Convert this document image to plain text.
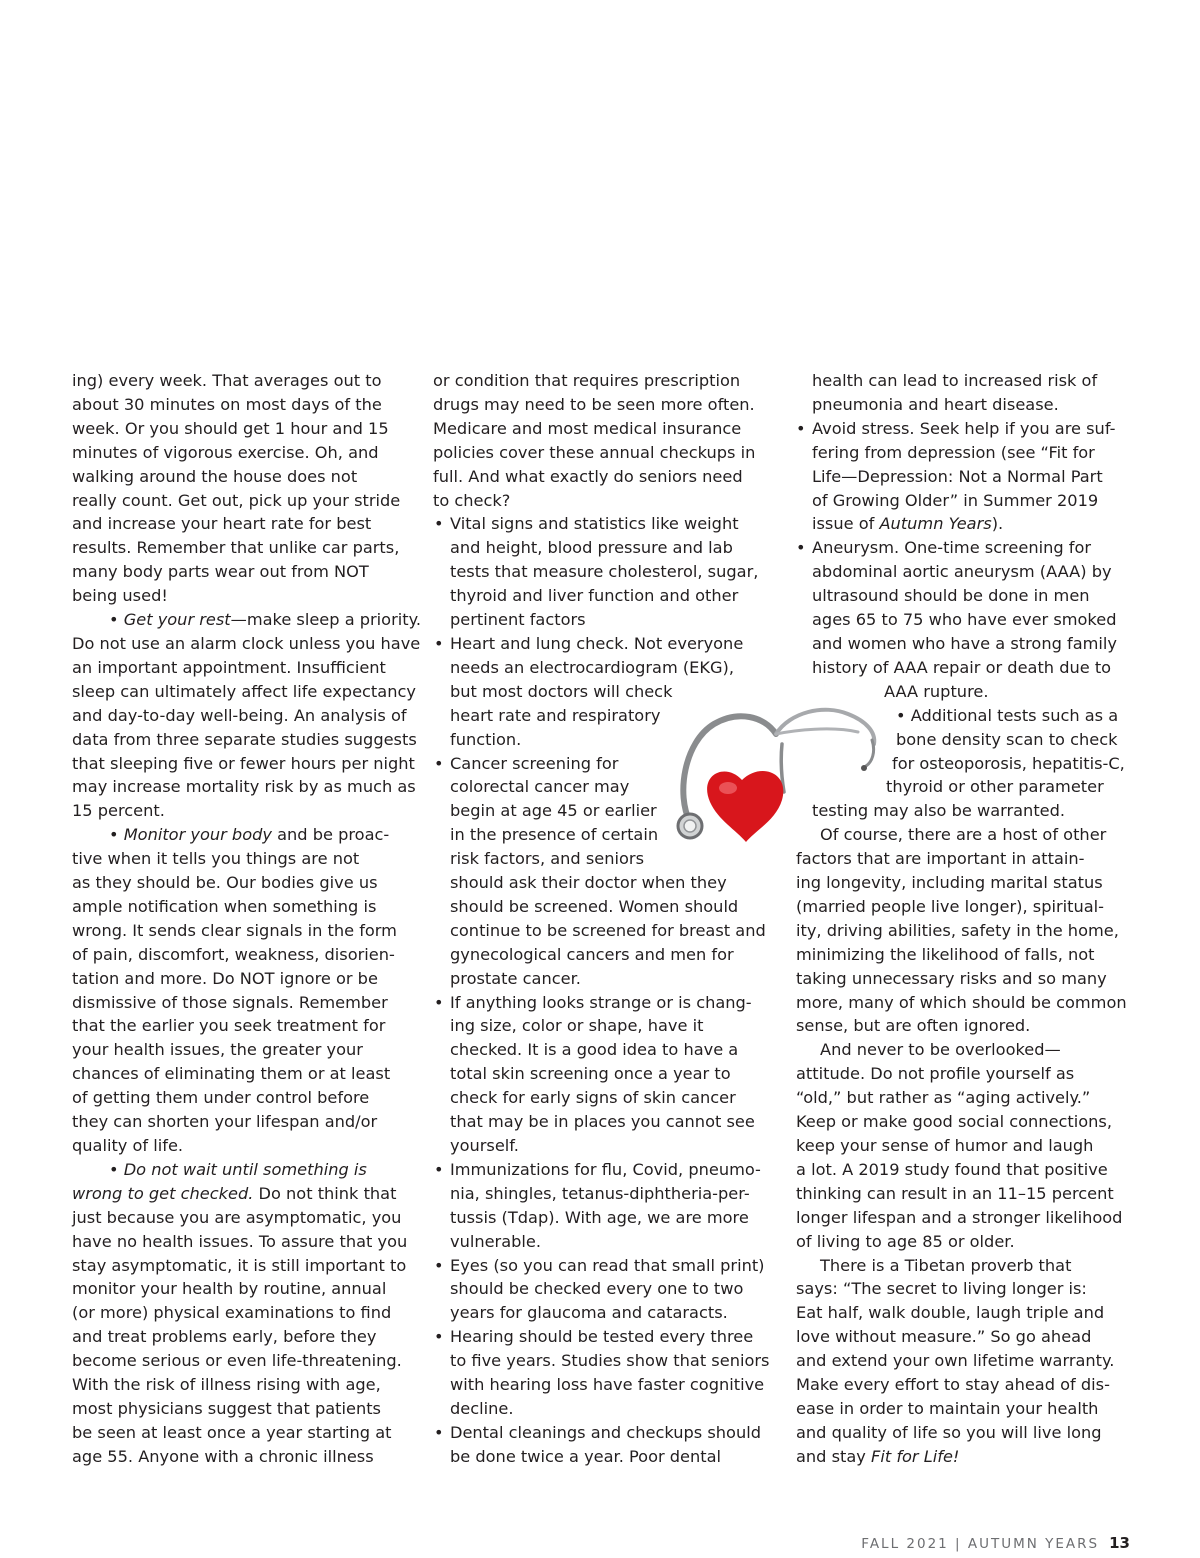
ing) every week. That averages out to
about 30 minutes on most days of the
week. Or you should get 1 hour and 15
minutes of vigorous exercise. Oh, and
walking around the house does not
really count. Get out, pick up your stride
and increase your heart rate for best
results. Remember that unlike car parts,
many body parts wear out from NOT
being used!
• Get your rest—make sleep a priority.
Do not use an alarm clock unless you have
an important appointment. Insufficient
sleep can ultimately affect life expectancy
and day-to-day well-being. An analysis of
data from three separate studies suggests
that sleeping five or fewer hours per night
may increase mortality risk by as much as
15 percent.
• Monitor your body and be proac-
tive when it tells you things are not
as they should be. Our bodies give us
ample notification when something is
wrong. It sends clear signals in the form
of pain, discomfort, weakness, disorien-
tation and more. Do NOT ignore or be
dismissive of those signals. Remember
that the earlier you seek treatment for
your health issues, the greater your
chances of eliminating them or at least
of getting them under control before
they can shorten your lifespan and/or
quality of life.
• Do not wait until something is
wrong to get checked. Do not think that
just because you are asymptomatic, you
have no health issues. To assure that you
stay asymptomatic, it is still important to
monitor your health by routine, annual
(or more) physical examinations to find
and treat problems early, before they
become serious or even life-threatening.
With the risk of illness rising with age,
most physicians suggest that patients
be seen at least once a year starting at
age 55. Anyone with a chronic illness
or condition that requires prescription
drugs may need to be seen more often.
Medicare and most medical insurance
policies cover these annual checkups in
full. And what exactly do seniors need
to check?
• Vital signs and statistics like weight
and height, blood pressure and lab
tests that measure cholesterol, sugar,
thyroid and liver function and other
pertinent factors
• Heart and lung check. Not everyone
needs an electrocardiogram (EKG),
but most doctors will check
heart rate and respiratory
function.
• Cancer screening for
colorectal cancer may
begin at age 45 or earlier
in the presence of certain
risk factors, and seniors
should ask their doctor when they
should be screened. Women should
continue to be screened for breast and
gynecological cancers and men for
prostate cancer.
• If anything looks strange or is chang-
ing size, color or shape, have it
checked. It is a good idea to have a
total skin screening once a year to
check for early signs of skin cancer
that may be in places you cannot see
yourself.
• Immunizations for flu, Covid, pneumo-
nia, shingles, tetanus-diphtheria-per-
tussis (Tdap). With age, we are more
vulnerable.
• Eyes (so you can read that small print)
should be checked every one to two
years for glaucoma and cataracts.
• Hearing should be tested every three
to five years. Studies show that seniors
with hearing loss have faster cognitive
decline.
• Dental cleanings and checkups should
be done twice a year. Poor dental
health can lead to increased risk of
pneumonia and heart disease.
• Avoid stress. Seek help if you are suf-
fering from depression (see “Fit for
Life—Depression: Not a Normal Part
of Growing Older” in Summer 2019
issue of Autumn Years).
• Aneurysm. One-time screening for
abdominal aortic aneurysm (AAA) by
ultrasound should be done in men
ages 65 to 75 who have ever smoked
and women who have a strong family
history of AAA repair or death due to
AAA rupture.
• Additional tests such as a
bone density scan to check
for osteoporosis, hepatitis-C,
thyroid or other parameter
testing may also be warranted.
Of course, there are a host of other
factors that are important in attain-
ing longevity, including marital status
(married people live longer), spiritual-
ity, driving abilities, safety in the home,
minimizing the likelihood of falls, not
taking unnecessary risks and so many
more, many of which should be common
sense, but are often ignored.
And never to be overlooked—
attitude. Do not profile yourself as
“old,” but rather as “aging actively.”
Keep or make good social connections,
keep your sense of humor and laugh
a lot. A 2019 study found that positive
thinking can result in an 11–15 percent
longer lifespan and a stronger likelihood
of living to age 85 or older.
There is a Tibetan proverb that
says: “The secret to living longer is:
Eat half, walk double, laugh triple and
love without measure.” So go ahead
and extend your own lifetime warranty.
Make every effort to stay ahead of dis-
ease in order to maintain your health
and quality of life so you will live long
and stay Fit for Life!
FALL 2021 | AUTUMN YEARS 13
